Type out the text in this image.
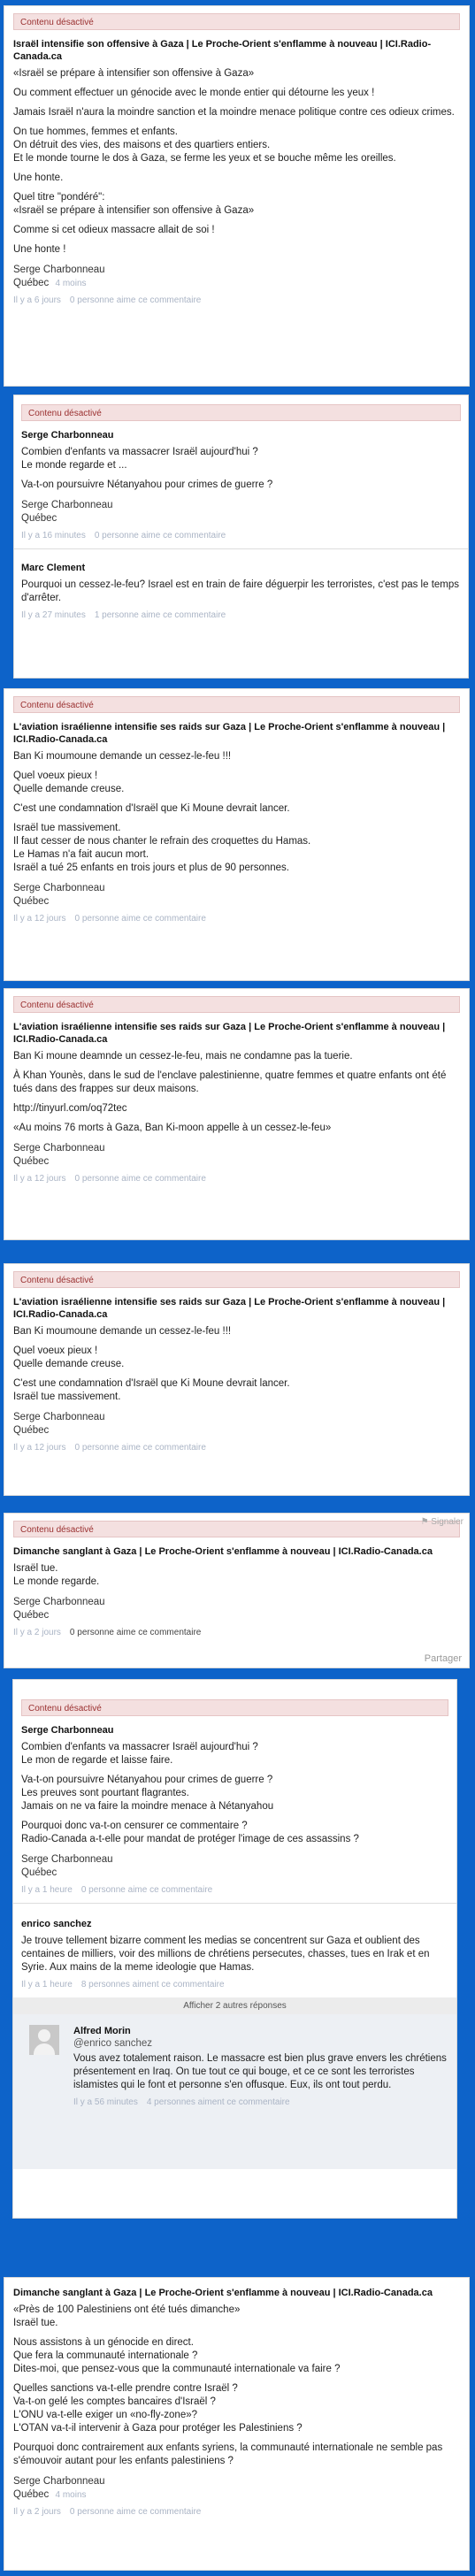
Contenu désactivé
Israël intensifie son offensive à Gaza | Le Proche-Orient s'enflamme à nouveau | ICI.Radio-Canada.ca
«Israël se prépare à intensifier son offensive à Gaza»
Ou comment effectuer un génocide avec le monde entier qui détourne les yeux !
Jamais Israël n'aura la moindre sanction et la moindre menace politique contre ces odieux crimes.
On tue hommes, femmes et enfants.
On détruit des vies, des maisons et des quartiers entiers.
Et le monde tourne le dos à Gaza, se ferme les yeux et se bouche même les oreilles.
Une honte.
Quel titre "pondéré":
«Israël se prépare à intensifier son offensive à Gaza»
Comme si cet odieux massacre allait de soi !
Une honte !
Serge Charbonneau
Québec 4 moins
Il y a 6 jours 0 personne aime ce commentaire
Contenu désactivé
Serge Charbonneau
Combien d'enfants va massacrer Israël aujourd'hui ?
Le monde regarde et ...
Va-t-on poursuivre Nétanyahou pour crimes de guerre ?
Serge Charbonneau
Québec
Il y a 16 minutes 0 personne aime ce commentaire
Marc Clement
Pourquoi un cessez-le-feu? Israel est en train de faire déguerpir les terroristes, c'est pas le temps d'arrêter.
Il y a 27 minutes 1 personne aime ce commentaire
Contenu désactivé
L'aviation israélienne intensifie ses raids sur Gaza | Le Proche-Orient s'enflamme à nouveau | ICI.Radio-Canada.ca
Ban Ki moumoune demande un cessez-le-feu !!!
Quel voeux pieux !
Quelle demande creuse.
C'est une condamnation d'Israël que Ki Moune devrait lancer.
Israël tue massivement.
Il faut cesser de nous chanter le refrain des croquettes du Hamas.
Le Hamas n'a fait aucun mort.
Israël a tué 25 enfants en trois jours et plus de 90 personnes.
Serge Charbonneau
Québec
Il y a 12 jours 0 personne aime ce commentaire
Contenu désactivé
L'aviation israélienne intensifie ses raids sur Gaza | Le Proche-Orient s'enflamme à nouveau | ICI.Radio-Canada.ca
Ban Ki moune deamnde un cessez-le-feu, mais ne condamne pas la tuerie.
À Khan Younès, dans le sud de l'enclave palestinienne, quatre femmes et quatre enfants ont été tués dans des frappes sur deux maisons.
http://tinyurl.com/oq72tec
«Au moins 76 morts à Gaza, Ban Ki-moon appelle à un cessez-le-feu»
Serge Charbonneau
Québec
Il y a 12 jours 0 personne aime ce commentaire
Contenu désactivé
L'aviation israélienne intensifie ses raids sur Gaza | Le Proche-Orient s'enflamme à nouveau | ICI.Radio-Canada.ca
Ban Ki moumoune demande un cessez-le-feu !!!
Quel voeux pieux !
Quelle demande creuse.
C'est une condamnation d'Israël que Ki Moune devrait lancer.
Israël tue massivement.
Serge Charbonneau
Québec
Il y a 12 jours 0 personne aime ce commentaire
⚑ Signaler
Contenu désactivé
Dimanche sanglant à Gaza | Le Proche-Orient s'enflamme à nouveau | ICI.Radio-Canada.ca
Israël tue.
Le monde regarde.
Serge Charbonneau
Québec
Il y a 2 jours 0 personne aime ce commentaire
Partager
Contenu désactivé
Serge Charbonneau
Combien d'enfants va massacrer Israël aujourd'hui ?
Le mon de regarde et laisse faire.
Va-t-on poursuivre Nétanyahou pour crimes de guerre ?
Les preuves sont pourtant flagrantes.
Jamais on ne va faire la moindre menace à Nétanyahou
Pourquoi donc va-t-on censurer ce commentaire ?
Radio-Canada a-t-elle pour mandat de protéger l'image de ces assassins ?
Serge Charbonneau
Québec
Il y a 1 heure 0 personne aime ce commentaire
enrico sanchez
Je trouve tellement bizarre comment les medias se concentrent sur Gaza et oublient des centaines de milliers, voir des millions de chrétiens persecutes, chasses, tues en Irak et en Syrie. Aux mains de la meme ideologie que Hamas.
Il y a 1 heure 8 personnes aiment ce commentaire
Afficher 2 autres réponses
Alfred Morin
@enrico sanchez
Vous avez totalement raison. Le massacre est bien plus grave envers les chrétiens présentement en Iraq. On tue tout ce qui bouge, et ce ce sont les terroristes islamistes qui le font et personne s'en offusque. Eux, ils ont tout perdu.
Il y a 56 minutes 4 personnes aiment ce commentaire
Dimanche sanglant à Gaza | Le Proche-Orient s'enflamme à nouveau | ICI.Radio-Canada.ca
«Près de 100 Palestiniens ont été tués dimanche»
Israël tue.
Nous assistons à un génocide en direct.
Que fera la communauté internationale ?
Dites-moi, que pensez-vous que la communauté internationale va faire ?
Quelles sanctions va-t-elle prendre contre Israël ?
Va-t-on gelé les comptes bancaires d'Israël ?
L'ONU va-t-elle exiger un «no-fly-zone»?
L'OTAN va-t-il intervenir à Gaza pour protéger les Palestiniens ?
Pourquoi donc contrairement aux enfants syriens, la communauté internationale ne semble pas s'émouvoir autant pour les enfants palestiniens ?
Serge Charbonneau
Québec 4 moins
Il y a 2 jours 0 personne aime ce commentaire
